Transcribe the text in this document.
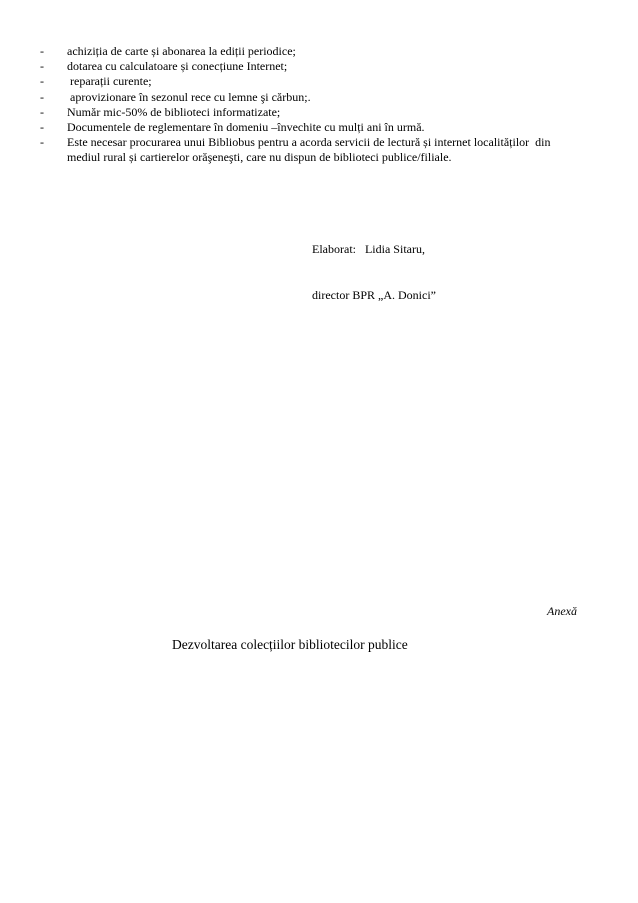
-	achiziția de carte și abonarea la ediții periodice;
-	dotarea cu calculatoare și conecțiune Internet;
-	reparații curente;
-	aprovizionare în sezonul rece cu lemne şi cărbun;.
-	Număr mic-50% de biblioteci informatizate;
-	Documentele de reglementare în domeniu –învechite cu mulți ani în urmă.
-	Este necesar procurarea unui Bibliobus pentru a acorda servicii de lectură și internet localităților  din mediul rural și cartierelor orăşeneşti, care nu dispun de biblioteci publice/filiale.

Elaborat:   Lidia Sitaru,

director BPR „A. Donici”

Anexă
Dezvoltarea colecțiilor bibliotecilor publice
